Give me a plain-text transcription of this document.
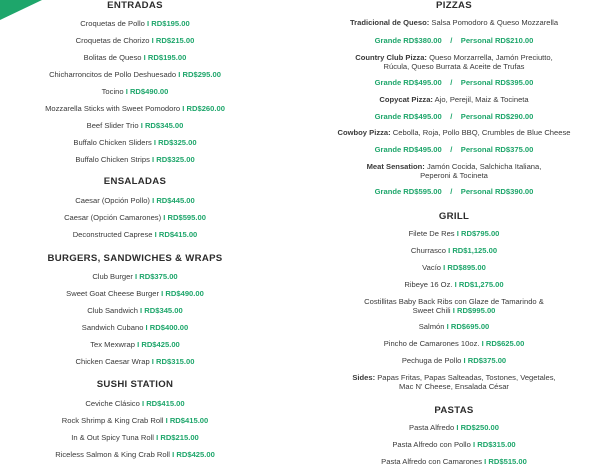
ENTRADAS
Croquetas de Pollo I RD$195.00
Croquetas de Chorizo I RD$215.00
Bolitas de Queso I RD$195.00
Chicharroncitos de Pollo Deshuesado I RD$295.00
Tocino I RD$490.00
Mozzarella Sticks with Sweet Pomodoro I RD$260.00
Beef Slider Trio I RD$345.00
Buffalo Chicken Sliders I RD$325.00
Buffalo Chicken Strips I RD$325.00
ENSALADAS
Caesar (Opción Pollo) I RD$445.00
Caesar (Opción Camarones) I RD$595.00
Deconstructed Caprese I RD$415.00
BURGERS, SANDWICHES & WRAPS
Club Burger I RD$375.00
Sweet Goat Cheese Burger I RD$490.00
Club Sandwich I RD$345.00
Sandwich Cubano I RD$400.00
Tex Mexwrap I RD$425.00
Chicken Caesar Wrap I RD$315.00
SUSHI STATION
Ceviche Clásico I RD$415.00
Rock Shrimp & King Crab Roll I RD$415.00
In & Out Spicy Tuna Roll I RD$215.00
Riceless Salmon & King Crab Roll I RD$425.00
PIZZAS
Tradicional de Queso: Salsa Pomodoro & Queso Mozzarella
Grande RD$380.00 / Personal RD$210.00
Country Club Pizza: Queso Morzarrella, Jamón Preciutto,
Rúcula, Queso Burrata & Aceite de Trufas
Grande RD$495.00 / Personal RD$395.00
Copycat Pizza: Ajo, Perejil, Maiz & Tocineta
Grande RD$495.00 / Personal RD$290.00
Cowboy Pizza: Cebolla, Roja, Pollo BBQ, Crumbles de Blue Cheese
Grande RD$495.00 / Personal RD$375.00
Meat Sensation: Jamón Cocida, Salchicha Italiana,
Peperoni & Tocineta
Grande RD$595.00 / Personal RD$390.00
GRILL
Filete De Res I RD$795.00
Churrasco I RD$1,125.00
Vacío I RD$895.00
Ribeye 16 Oz. I RD$1,275.00
Costillitas Baby Back Ribs con Glaze de Tamarindo &
Sweet Chili I RD$995.00
Salmón I RD$695.00
Pincho de Camarones 10oz. I RD$625.00
Pechuga de Pollo I RD$375.00
Sides: Papas Fritas, Papas Salteadas, Tostones, Vegetales,
Mac N' Cheese, Ensalada César
PASTAS
Pasta Alfredo I RD$250.00
Pasta Alfredo con Pollo I RD$315.00
Pasta Alfredo con Camarones I RD$515.00
